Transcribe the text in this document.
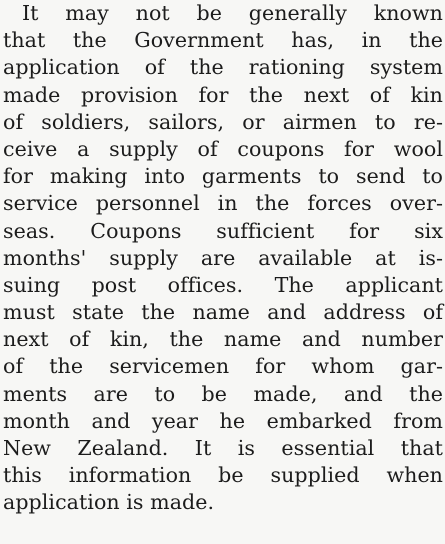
It may not be generally known
that the Government has, in the
application of the rationing system
made provision for the next of kin
of soldiers, sailors, or airmen to re-
ceive a supply of coupons for wool
for making into garments to send to
service personnel in the forces over-
seas. Coupons sufficient for six
months' supply are available at is-
suing post offices. The applicant
must state the name and address of
next of kin, the name and number
of the servicemen for whom gar-
ments are to be made, and the
month and year he embarked from
New Zealand. It is essential that
this information be supplied when
application is made.
